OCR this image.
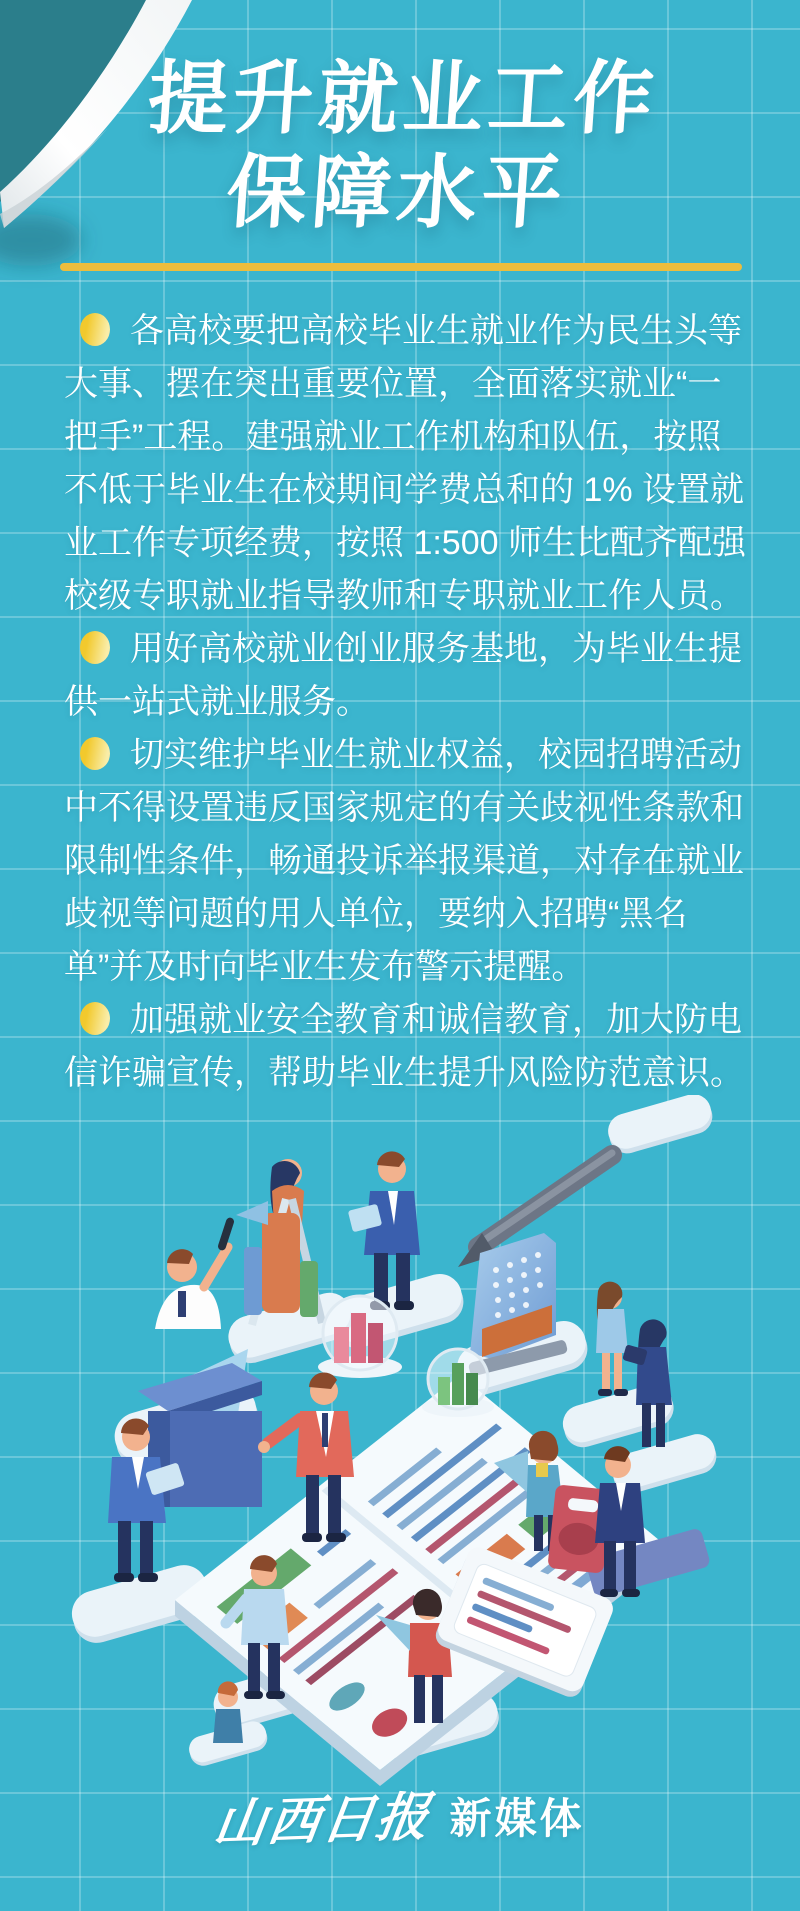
提升就业工作
保障水平

各高校要把高校毕业生就业作为民生头等大事、摆在突出重要位置，全面落实就业“一把手”工程。建强就业工作机构和队伍，按照不低于毕业生在校期间学费总和的 1% 设置就业工作专项经费，按照 1:500 师生比配齐配强校级专职就业指导教师和专职就业工作人员。

用好高校就业创业服务基地，为毕业生提供一站式就业服务。

切实维护毕业生就业权益，校园招聘活动中不得设置违反国家规定的有关歧视性条款和限制性条件，畅通投诉举报渠道，对存在就业歧视等问题的用人单位，要纳入招聘“黑名单”并及时向毕业生发布警示提醒。

加强就业安全教育和诚信教育，加大防电信诈骗宣传，帮助毕业生提升风险防范意识。

山西日报 新媒体
